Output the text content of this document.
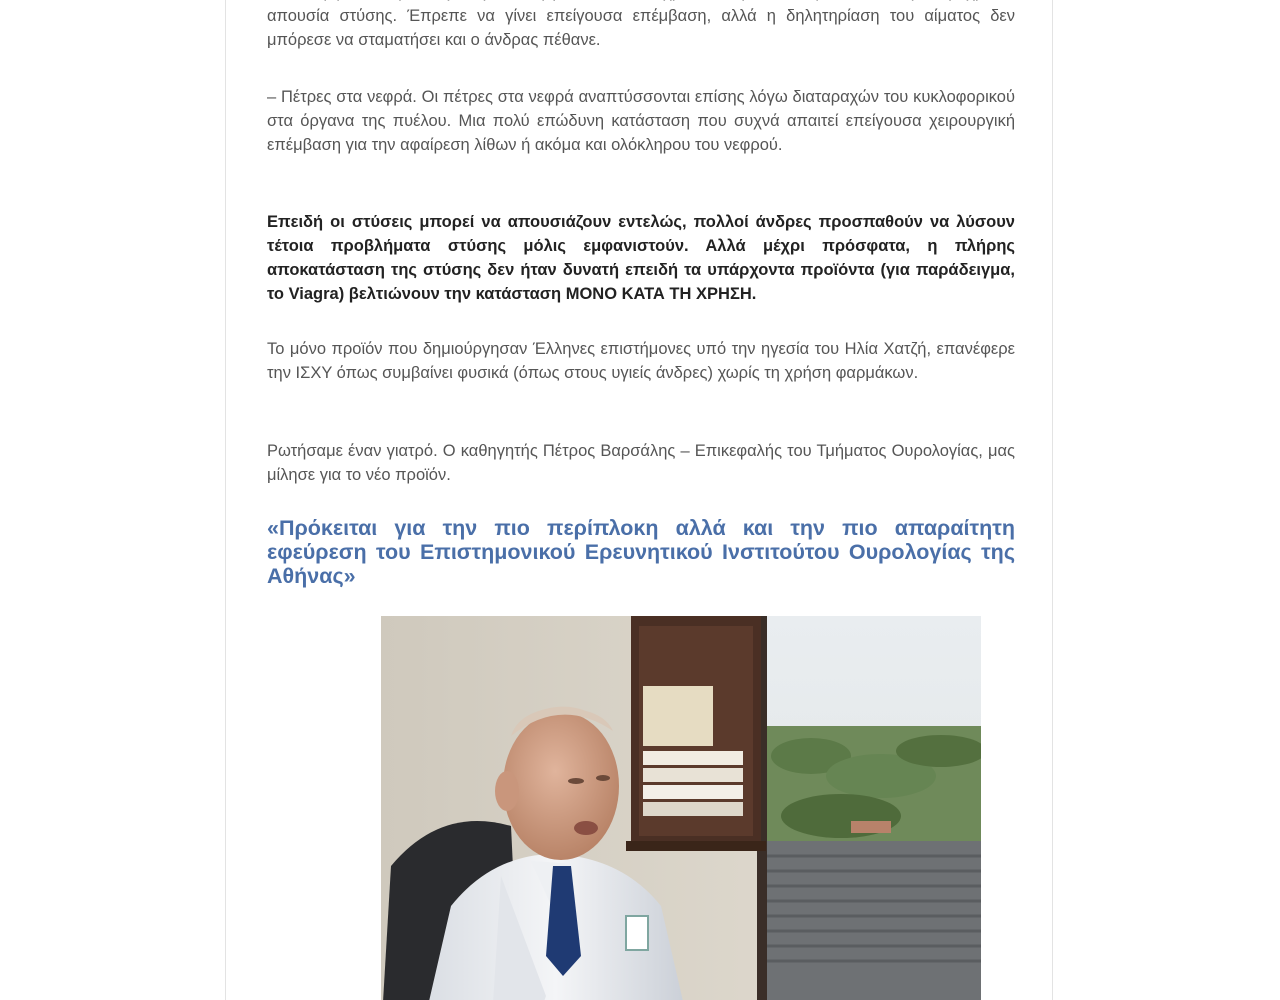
απουσία στύσης. Έπρεπε να γίνει επείγουσα επέμβαση, αλλά η δηλητηρίαση του αίματος δεν μπόρεσε να σταματήσει και ο άνδρας πέθανε.

– Πέτρες στα νεφρά. Οι πέτρες στα νεφρά αναπτύσσονται επίσης λόγω διαταραχών του κυκλοφορικού στα όργανα της πυέλου. Μια πολύ επώδυνη κατάσταση που συχνά απαιτεί επείγουσα χειρουργική επέμβαση για την αφαίρεση λίθων ή ακόμα και ολόκληρου του νεφρού.

Επειδή οι στύσεις μπορεί να απουσιάζουν εντελώς, πολλοί άνδρες προσπαθούν να λύσουν τέτοια προβλήματα στύσης μόλις εμφανιστούν. Αλλά μέχρι πρόσφατα, η πλήρης αποκατάσταση της στύσης δεν ήταν δυνατή επειδή τα υπάρχοντα προϊόντα (για παράδειγμα, το Viagra) βελτιώνουν την κατάσταση ΜΟΝΟ ΚΑΤΑ ΤΗ ΧΡΗΣΗ.

Το μόνο προϊόν που δημιούργησαν Έλληνες επιστήμονες υπό την ηγεσία του Ηλία Χατζή, επανέφερε την ΙΣΧΥ όπως συμβαίνει φυσικά (όπως στους υγιείς άνδρες) χωρίς τη χρήση φαρμάκων.

Ρωτήσαμε έναν γιατρό. Ο καθηγητής Πέτρος Βαρσάλης – Επικεφαλής του Τμήματος Ουρολογίας, μας μίλησε για το νέο προϊόν.

«Πρόκειται για την πιο περίπλοκη αλλά και την πιο απαραίτητη εφεύρεση του Επιστημονικού Ερευνητικού Ινστιτούτου Ουρολογίας της Αθήνας»
